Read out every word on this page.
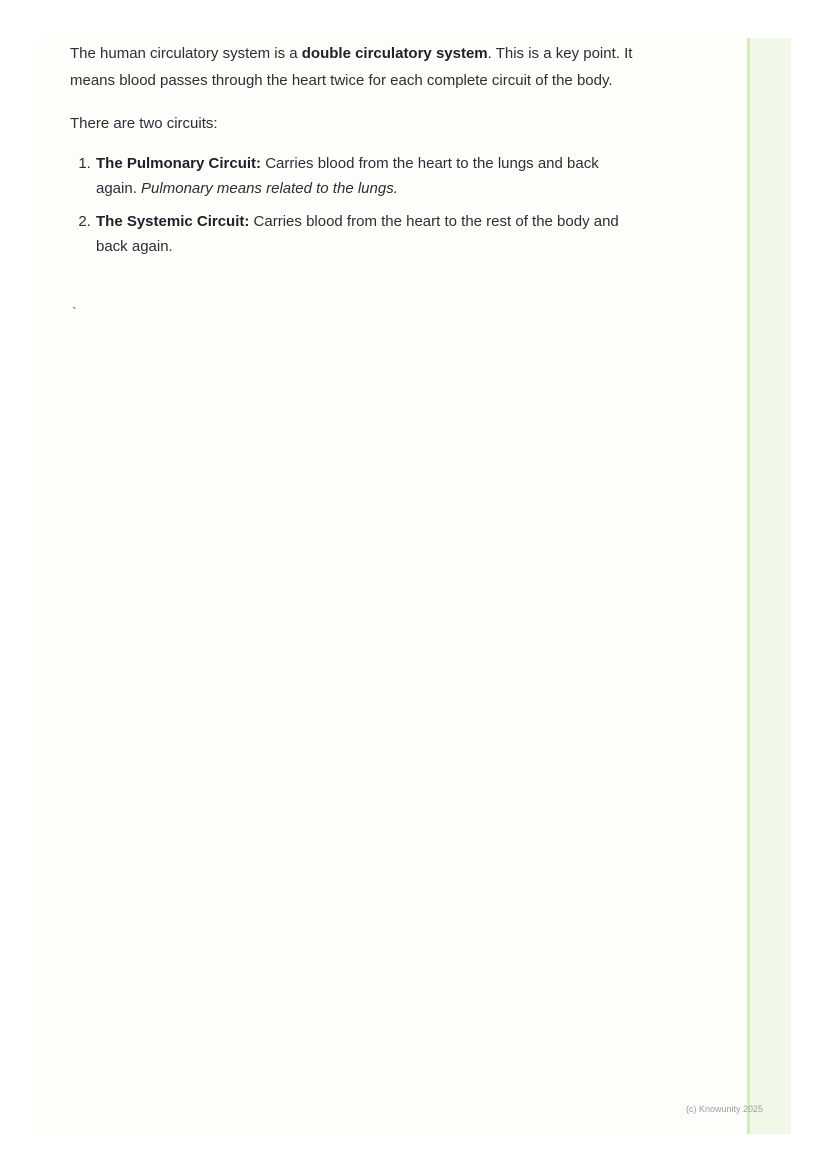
The human circulatory system is a double circulatory system. This is a key point. It means blood passes through the heart twice for each complete circuit of the body.

There are two circuits:

1. The Pulmonary Circuit: Carries blood from the heart to the lungs and back again. Pulmonary means related to the lungs.
2. The Systemic Circuit: Carries blood from the heart to the rest of the body and back again.
`
(c) Knowunity 2025
